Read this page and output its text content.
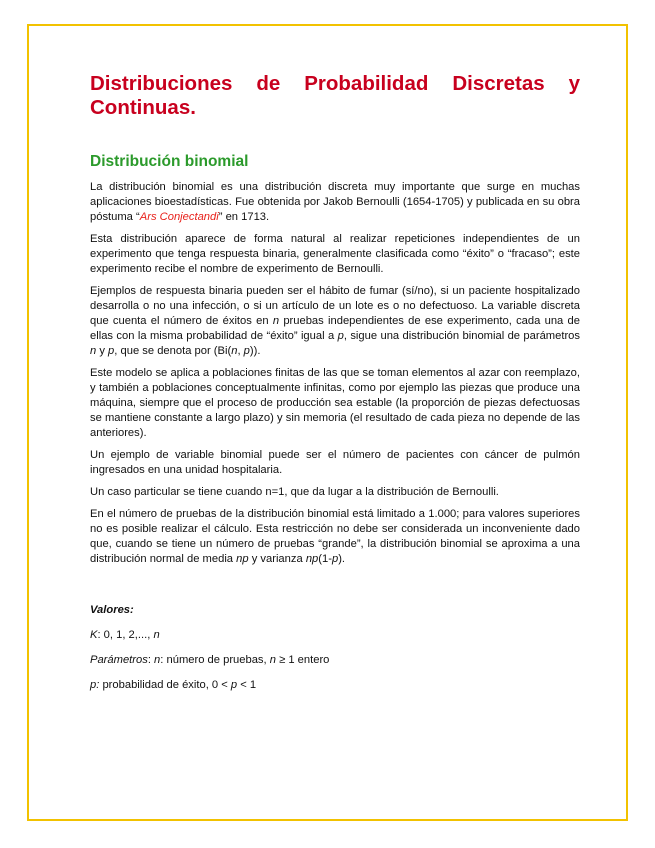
Distribuciones de Probabilidad Discretas y Continuas.
Distribución binomial

La distribución binomial es una distribución discreta muy importante que surge en muchas aplicaciones bioestadísticas. Fue obtenida por Jakob Bernoulli (1654-1705) y publicada en su obra póstuma “Ars Conjectandi” en 1713.

Esta distribución aparece de forma natural al realizar repeticiones independientes de un experimento que tenga respuesta binaria, generalmente clasificada como “éxito” o “fracaso”; este experimento recibe el nombre de experimento de Bernoulli.

Ejemplos de respuesta binaria pueden ser el hábito de fumar (sí/no), si un paciente hospitalizado desarrolla o no una infección, o si un artículo de un lote es o no defectuoso. La variable discreta que cuenta el número de éxitos en n pruebas independientes de ese experimento, cada una de ellas con la misma probabilidad de “éxito” igual a p, sigue una distribución binomial de parámetros n y p, que se denota por (Bi(n, p)).

Este modelo se aplica a poblaciones finitas de las que se toman elementos al azar con reemplazo, y también a poblaciones conceptualmente infinitas, como por ejemplo las piezas que produce una máquina, siempre que el proceso de producción sea estable (la proporción de piezas defectuosas se mantiene constante a largo plazo) y sin memoria (el resultado de cada pieza no depende de las anteriores).

Un ejemplo de variable binomial puede ser el número de pacientes con cáncer de pulmón ingresados en una unidad hospitalaria.

Un caso particular se tiene cuando n=1, que da lugar a la distribución de Bernoulli.

En el número de pruebas de la distribución binomial está limitado a 1.000; para valores superiores no es posible realizar el cálculo. Esta restricción no debe ser considerada un inconveniente dado que, cuando se tiene un número de pruebas “grande”, la distribución binomial se aproxima a una distribución normal de media np y varianza np(1-p).

Valores:
K: 0, 1, 2,..., n
Parámetros: n: número de pruebas, n ≥ 1 entero
p: probabilidad de éxito, 0 < p < 1
